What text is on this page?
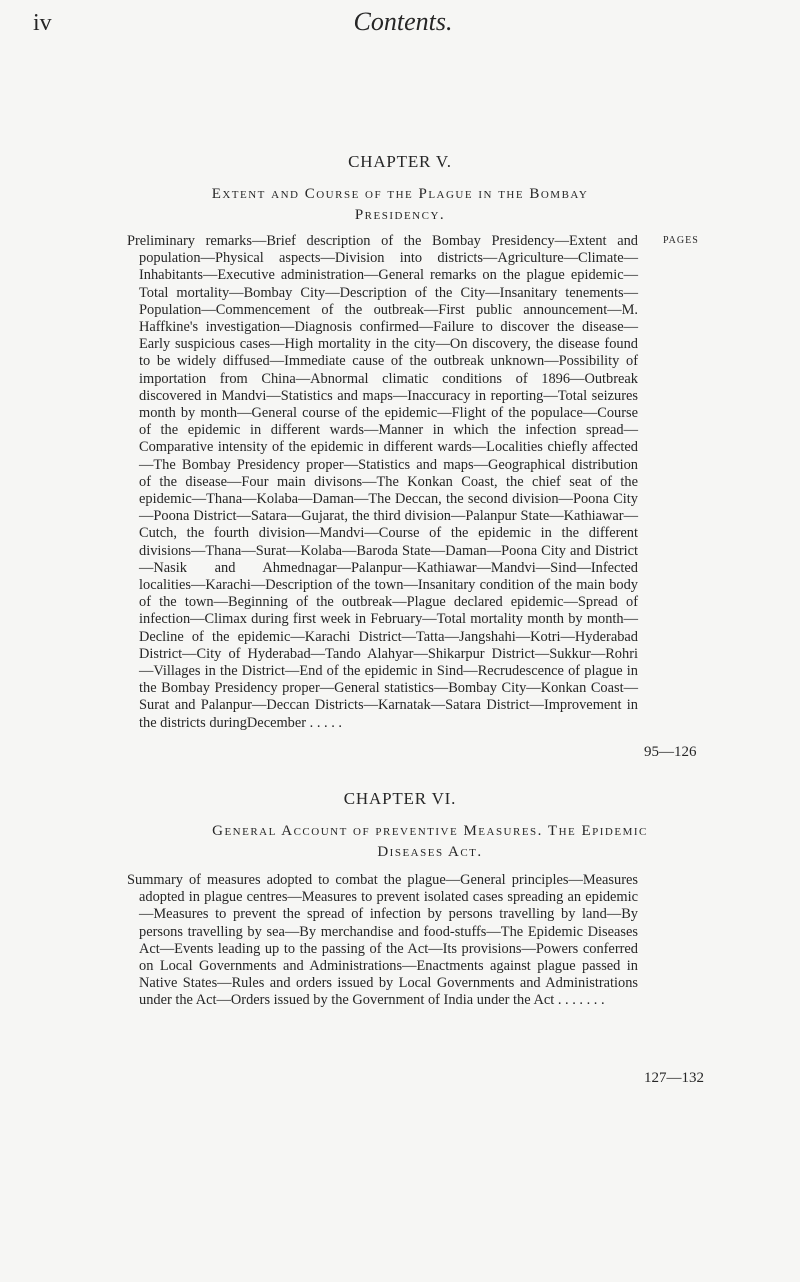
iv	Contents.
CHAPTER V.
Extent and Course of the Plague in the Bombay
Presidency.
PAGES

Preliminary remarks—Brief description of the Bombay Presidency—Extent and population—Physical aspects—Division into districts—Agriculture—Climate—Inhabitants—Executive administration—General remarks on the plague epidemic—Total mortality—Bombay City—Description of the City—Insanitary tenements—Population—Commencement of the outbreak—First public announcement—M. Haffkine's investigation—Diagnosis confirmed—Failure to discover the disease—Early suspicious cases—High mortality in the city—On discovery, the disease found to be widely diffused—Immediate cause of the outbreak unknown—Possibility of importation from China—Abnormal climatic conditions of 1896—Outbreak discovered in Mandvi—Statistics and maps—Inaccuracy in reporting—Total seizures month by month—General course of the epidemic—Flight of the populace—Course of the epidemic in different wards—Manner in which the infection spread—Comparative intensity of the epidemic in different wards—Localities chiefly affected—The Bombay Presidency proper—Statistics and maps—Geographical distribution of the disease—Four main divisons—The Konkan Coast, the chief seat of the epidemic—Thana—Kolaba—Daman—The Deccan, the second division—Poona City—Poona District—Satara—Gujarat, the third division—Palanpur State—Kathiawar—Cutch, the fourth division—Mandvi—Course of the epidemic in the different divisions—Thana—Surat—Kolaba—Baroda State—Daman—Poona City and District—Nasik and Ahmednagar—Palanpur—Kathiawar—Mandvi—Sind—Infected localities—Karachi—Description of the town—Insanitary condition of the main body of the town—Beginning of the outbreak—Plague declared epidemic—Spread of infection—Climax during first week in February—Total mortality month by month—Decline of the epidemic—Karachi District—Tatta—Jangshahi—Kotri—Hyderabad District—City of Hyderabad—Tando Alahyar—Shikarpur District—Sukkur—Rohri—Villages in the District—End of the epidemic in Sind—Recrudescence of plague in the Bombay Presidency proper—General statistics—Bombay City—Konkan Coast—Surat and Palanpur—Deccan Districts—Karnatak—Satara District—Improvement in the districts duringDecember . . . . .

95—126
CHAPTER VI.
General Account of preventive Measures. The Epidemic
Diseases Act.

Summary of measures adopted to combat the plague—General principles—Measures adopted in plague centres—Measures to prevent isolated cases spreading an epidemic—Measures to prevent the spread of infection by persons travelling by land—By persons travelling by sea—By merchandise and food-stuffs—The Epidemic Diseases Act—Events leading up to the passing of the Act—Its provisions—Powers conferred on Local Governments and Administrations—Enactments against plague passed in Native States—Rules and orders issued by Local Governments and Administrations under the Act—Orders issued by the Government of India under the Act . . . . . . .

127—132
